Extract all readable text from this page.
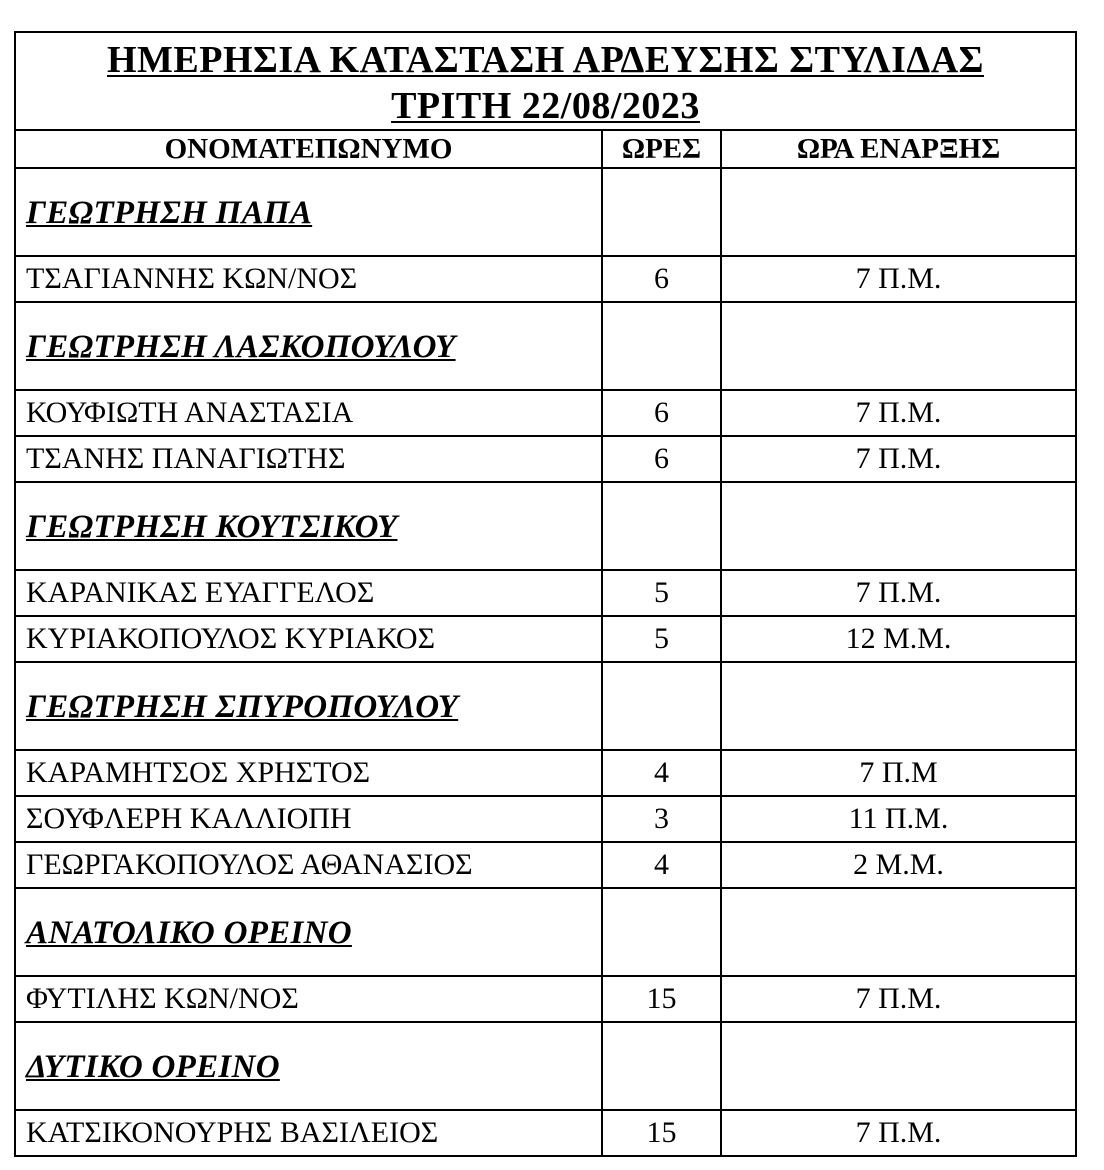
ΗΜΕΡΗΣΙΑ ΚΑΤΑΣΤΑΣΗ ΑΡΔΕΥΣΗΣ ΣΤΥΛΙΔΑΣ
ΤΡΙΤΗ 22/08/2023		

ΟΝΟΜΑΤΕΠΩΝΥΜΟ	ΩΡΕΣ	ΩΡΑ ΕΝΑΡΞΗΣ

ΓΕΩΤΡΗΣΗ ΠΑΠΑ		

ΤΣΑΓΙΑΝΝΗΣ ΚΩΝ/ΝΟΣ	6	7 Π.Μ.

ΓΕΩΤΡΗΣΗ ΛΑΣΚΟΠΟΥΛΟΥ		

ΚΟΥΦΙΩΤΗ ΑΝΑΣΤΑΣΙΑ	6	7 Π.Μ.
ΤΣΑΝΗΣ ΠΑΝΑΓΙΩΤΗΣ	6	7 Π.Μ.

ΓΕΩΤΡΗΣΗ ΚΟΥΤΣΙΚΟΥ		

ΚΑΡΑΝΙΚΑΣ ΕΥΑΓΓΕΛΟΣ	5	7 Π.Μ.
ΚΥΡΙΑΚΟΠΟΥΛΟΣ ΚΥΡΙΑΚΟΣ	5	12 Μ.Μ.

ΓΕΩΤΡΗΣΗ ΣΠΥΡΟΠΟΥΛΟΥ		

ΚΑΡΑΜΗΤΣΟΣ ΧΡΗΣΤΟΣ	4	7 Π.Μ
ΣΟΥΦΛΕΡΗ ΚΑΛΛΙΟΠΗ	3	11 Π.Μ.
ΓΕΩΡΓΑΚΟΠΟΥΛΟΣ ΑΘΑΝΑΣΙΟΣ	4	2 Μ.Μ.

ΑΝΑΤΟΛΙΚΟ ΟΡΕΙΝΟ		

ΦΥΤΙΛΗΣ ΚΩΝ/ΝΟΣ	15	7 Π.Μ.

ΔΥΤΙΚΟ ΟΡΕΙΝΟ		

ΚΑΤΣΙΚΟΝΟΥΡΗΣ ΒΑΣΙΛΕΙΟΣ	15	7 Π.Μ.
